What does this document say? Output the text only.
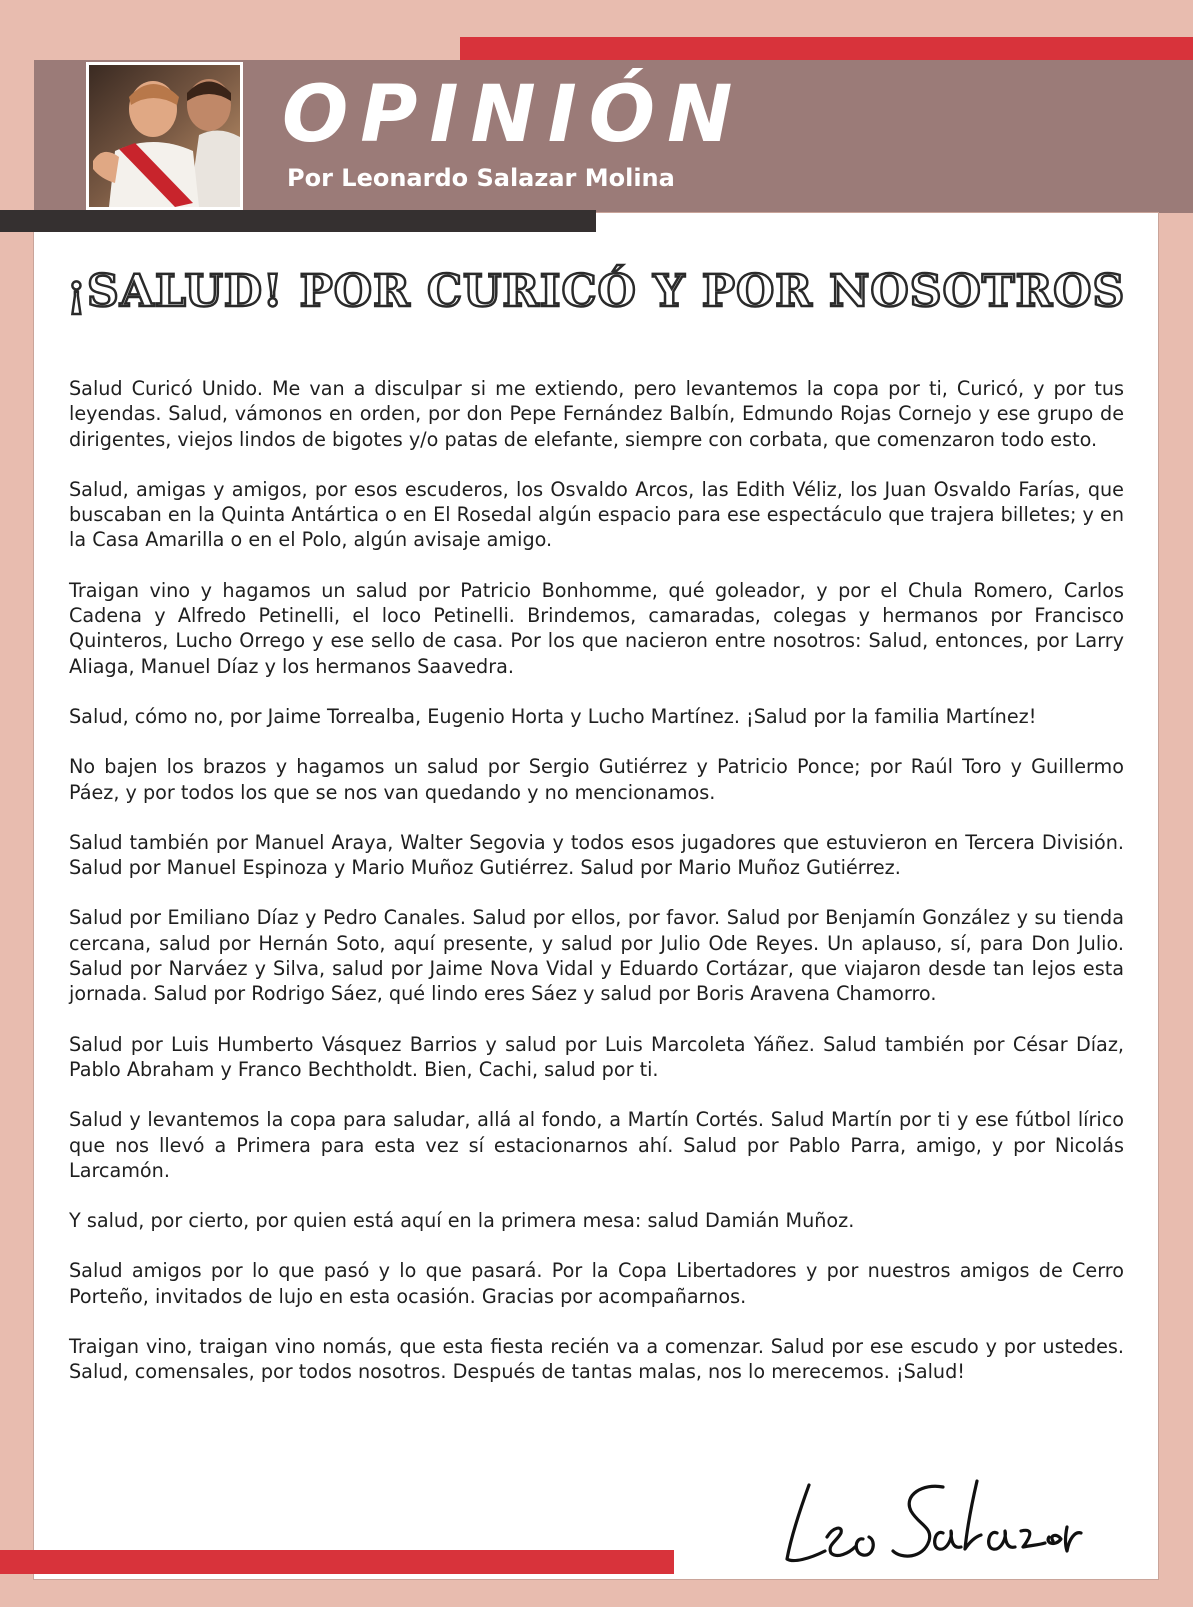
OPINIÓN

Por Leonardo Salazar Molina

¡SALUD! POR CURICÓ Y POR NOSOTROS

Salud Curicó Unido. Me van a disculpar si me extiendo, pero levantemos la copa por ti, Curicó, y por tus leyendas. Salud, vámonos en orden, por don Pepe Fernández Balbín, Edmundo Rojas Cornejo y ese grupo de dirigentes, viejos lindos de bigotes y/o patas de elefante, siempre con corbata, que comenzaron todo esto.

Salud, amigas y amigos, por esos escuderos, los Osvaldo Arcos, las Edith Véliz, los Juan Osvaldo Farías, que buscaban en la Quinta Antártica o en El Rosedal algún espacio para ese espectáculo que trajera billetes; y en la Casa Amarilla o en el Polo, algún avisaje amigo.

Traigan vino y hagamos un salud por Patricio Bonhomme, qué goleador, y por el Chula Romero, Carlos Cadena y Alfredo Petinelli, el loco Petinelli. Brindemos, camaradas, colegas y hermanos por Francisco Quinteros, Lucho Orrego y ese sello de casa. Por los que nacieron entre nosotros: Salud, entonces, por Larry Aliaga, Manuel Díaz y los hermanos Saavedra.

Salud, cómo no, por Jaime Torrealba, Eugenio Horta y Lucho Martínez. ¡Salud por la familia Martínez!

No bajen los brazos y hagamos un salud por Sergio Gutiérrez y Patricio Ponce; por Raúl Toro y Guillermo Páez, y por todos los que se nos van quedando y no mencionamos.

Salud también por Manuel Araya, Walter Segovia y todos esos jugadores que estuvieron en Tercera División. Salud por Manuel Espinoza y Mario Muñoz Gutiérrez. Salud por Mario Muñoz Gutiérrez.

Salud por Emiliano Díaz y Pedro Canales. Salud por ellos, por favor. Salud por Benjamín González y su tienda cercana, salud por Hernán Soto, aquí presente, y salud por Julio Ode Reyes. Un aplauso, sí, para Don Julio. Salud por Narváez y Silva, salud por Jaime Nova Vidal y Eduardo Cortázar, que viajaron desde tan lejos esta jornada. Salud por Rodrigo Sáez, qué lindo eres Sáez y salud por Boris Aravena Chamorro.

Salud por Luis Humberto Vásquez Barrios y salud por Luis Marcoleta Yáñez. Salud también por César Díaz, Pablo Abraham y Franco Bechtholdt. Bien, Cachi, salud por ti.

Salud y levantemos la copa para saludar, allá al fondo, a Martín Cortés. Salud Martín por ti y ese fútbol lírico que nos llevó a Primera para esta vez sí estacionarnos ahí. Salud por Pablo Parra, amigo, y por Nicolás Larcamón.

Y salud, por cierto, por quien está aquí en la primera mesa: salud Damián Muñoz.

Salud amigos por lo que pasó y lo que pasará. Por la Copa Libertadores y por nuestros amigos de Cerro Porteño, invitados de lujo en esta ocasión. Gracias por acompañarnos.

Traigan vino, traigan vino nomás, que esta fiesta recién va a comenzar. Salud por ese escudo y por ustedes. Salud, comensales, por todos nosotros. Después de tantas malas, nos lo merecemos. ¡Salud!
